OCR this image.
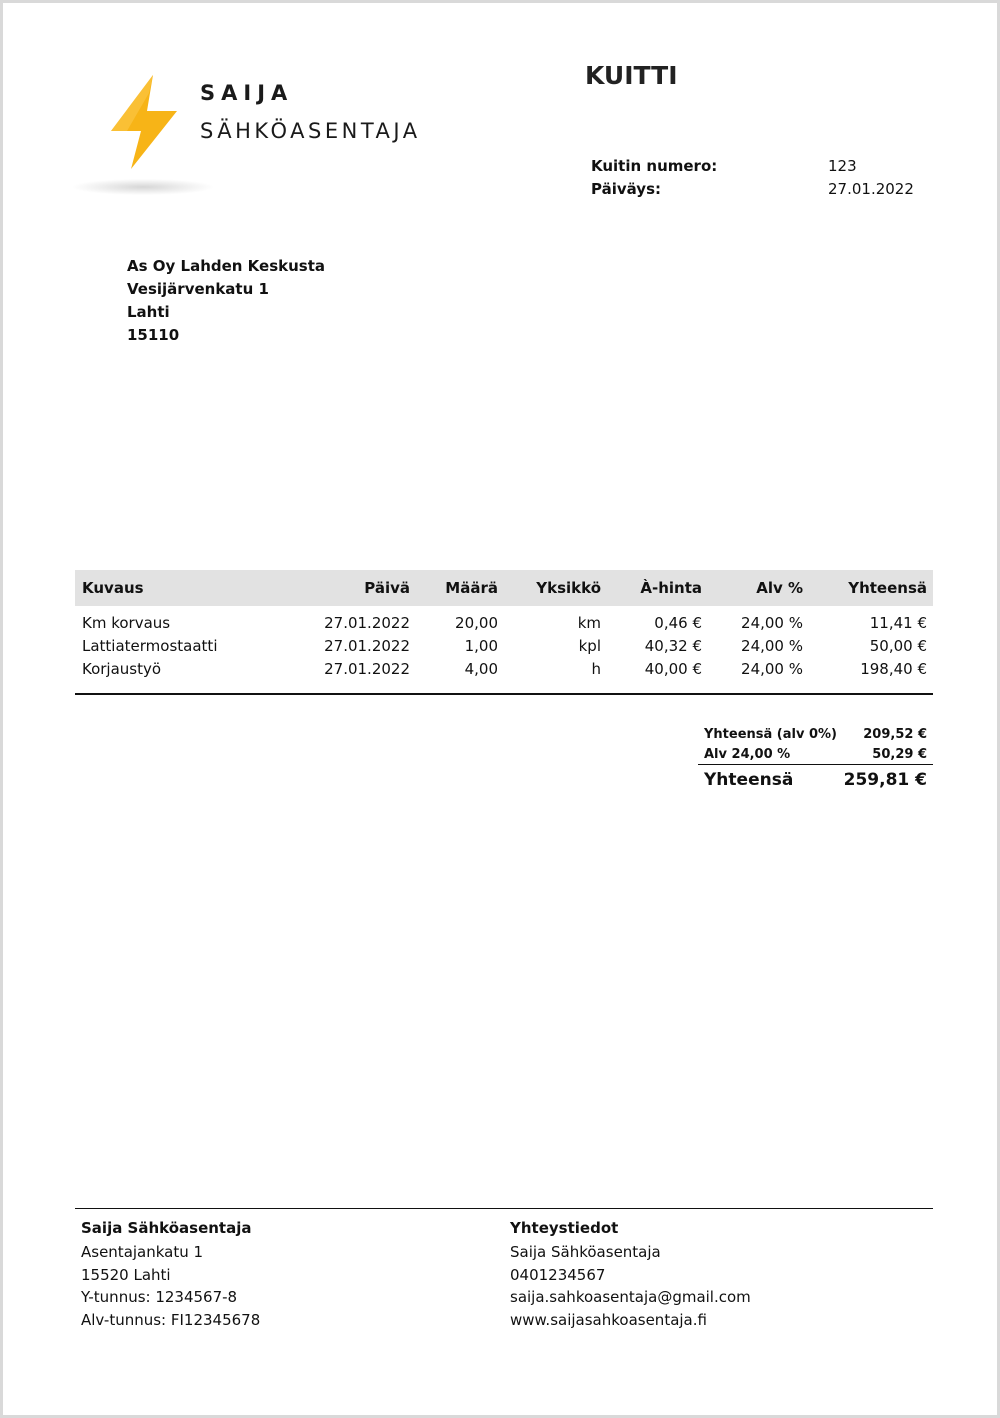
SAIJA
SÄHKÖASENTAJA
KUITTI
Kuitin numero:	123
Päiväys:	27.01.2022
As Oy Lahden Keskusta
Vesijärvenkatu 1
Lahti
15110
Kuvaus	Päivä	Määrä	Yksikkö	À-hinta	Alv %	Yhteensä
Km korvaus	27.01.2022	20,00	km	0,46 €	24,00 %	11,41 €
Lattiatermostaatti	27.01.2022	1,00	kpl	40,32 €	24,00 %	50,00 €
Korjaustyö	27.01.2022	4,00	h	40,00 €	24,00 %	198,40 €
Yhteensä (alv 0%)	209,52 €
Alv 24,00 %	50,29 €
Yhteensä	259,81 €
Saija Sähköasentaja
Asentajankatu 1
15520 Lahti
Y-tunnus: 1234567-8
Alv-tunnus: FI12345678
Yhteystiedot
Saija Sähköasentaja
0401234567
saija.sahkoasentaja@gmail.com
www.saijasahkoasentaja.fi
